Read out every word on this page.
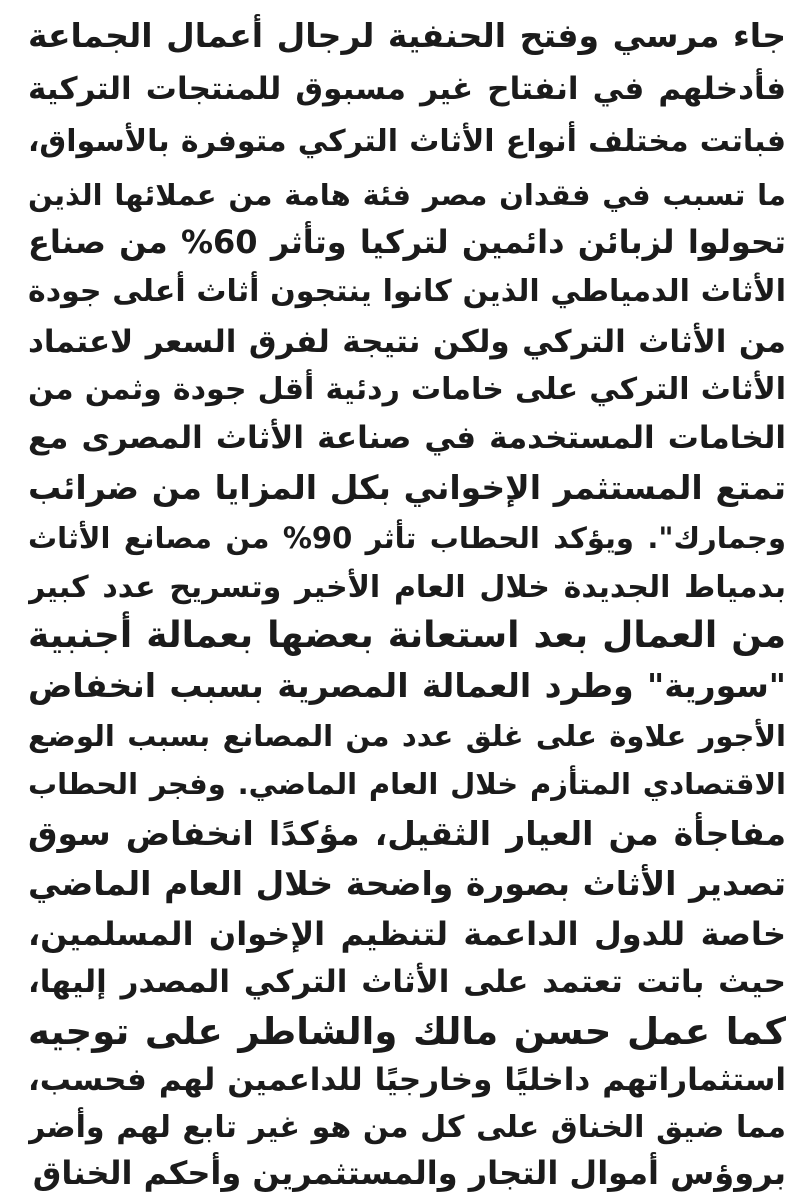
جاء مرسي وفتح الحنفية لرجال أعمال الجماعة
فأدخلهم في انفتاح غير مسبوق للمنتجات التركية
فباتت مختلف أنواع الأثاث التركي متوفرة بالأسواق،
ما تسبب في فقدان مصر فئة هامة من عملائها الذين
تحولوا لزبائن دائمين لتركيا وتأثر 60% من صناع
الأثاث الدمياطي الذين كانوا ينتجون أثاث أعلى جودة
من الأثاث التركي ولكن نتيجة لفرق السعر لاعتماد
الأثاث التركي على خامات ردئية أقل جودة وثمن من
الخامات المستخدمة في صناعة الأثاث المصرى مع
تمتع المستثمر الإخواني بكل المزايا من ضرائب
وجمارك". ويؤكد الحطاب تأثر 90% من مصانع الأثاث
بدمياط الجديدة خلال العام الأخير وتسريح عدد كبير
من العمال بعد استعانة بعضها بعمالة أجنبية
"سورية" وطرد العمالة المصرية بسبب انخفاض
الأجور علاوة على غلق عدد من المصانع بسبب الوضع
الاقتصادي المتأزم خلال العام الماضي. وفجر الحطاب
مفاجأة من العيار الثقيل، مؤكدًا انخفاض سوق
تصدير الأثاث بصورة واضحة خلال العام الماضي
خاصة للدول الداعمة لتنظيم الإخوان المسلمين،
حيث باتت تعتمد على الأثاث التركي المصدر إليها،
كما عمل حسن مالك والشاطر على توجيه
استثماراتهم داخليًا وخارجيًا للداعمين لهم فحسب،
مما ضيق الخناق على كل من هو غير تابع لهم وأضر
بروؤس أموال التجار والمستثمرين وأحكم الخناق
